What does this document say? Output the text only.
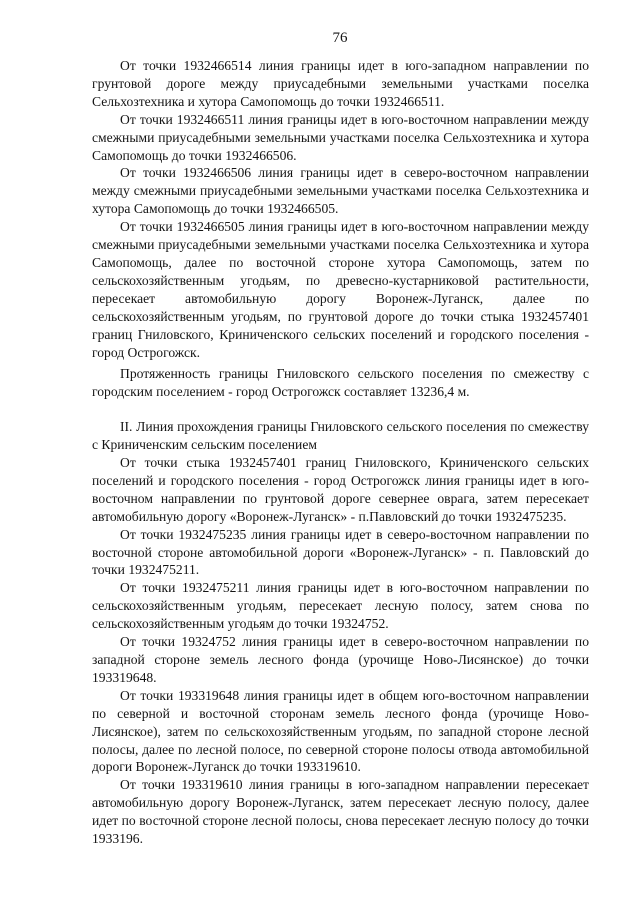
76

От точки 1932466514 линия границы идет в юго-западном направлении по грунтовой дороге между приусадебными земельными участками поселка Сельхозтехника и хутора Самопомощь до точки 1932466511.

От точки 1932466511 линия границы идет в юго-восточном направлении между смежными приусадебными земельными участками поселка Сельхозтехника и хутора Самопомощь до точки 1932466506.

От точки 1932466506 линия границы идет в северо-восточном направлении между смежными приусадебными земельными участками поселка Сельхозтехника и хутора Самопомощь до точки 1932466505.

От точки 1932466505 линия границы идет в юго-восточном направлении между смежными приусадебными земельными участками поселка Сельхозтехника и хутора Самопомощь, далее по восточной стороне хутора Самопомощь, затем по сельскохозяйственным угодьям, по древесно-кустарниковой растительности, пересекает автомобильную дорогу Воронеж-Луганск, далее по сельскохозяйственным угодьям, по грунтовой дороге до точки стыка 1932457401 границ Гниловского, Криниченского сельских поселений и городского поселения - город Острогожск.

Протяженность границы Гниловского сельского поселения по смежеству с городским поселением - город Острогожск составляет 13236,4 м.

II. Линия прохождения границы Гниловского сельского поселения по смежеству с Криниченским сельским поселением

От точки стыка 1932457401 границ Гниловского, Криниченского сельских поселений и городского поселения - город Острогожск линия границы идет в юго-восточном направлении по грунтовой дороге севернее оврага, затем пересекает автомобильную дорогу «Воронеж-Луганск» - п.Павловский до точки 1932475235.

От точки 1932475235 линия границы идет в северо-восточном направлении по восточной стороне автомобильной дороги «Воронеж-Луганск» - п. Павловский до точки 1932475211.

От точки 1932475211 линия границы идет в юго-восточном направлении по сельскохозяйственным угодьям, пересекает лесную полосу, затем снова по сельскохозяйственным угодьям до точки 19324752.

От точки 19324752 линия границы идет в северо-восточном направлении по западной стороне земель лесного фонда (урочище Ново-Лисянское) до точки 193319648.

От точки 193319648 линия границы идет в общем юго-восточном направлении по северной и восточной сторонам земель лесного фонда (урочище Ново-Лисянское), затем по сельскохозяйственным угодьям, по западной стороне лесной полосы, далее по лесной полосе, по северной стороне полосы отвода автомобильной дороги Воронеж-Луганск до точки 193319610.

От точки 193319610 линия границы в юго-западном направлении пересекает автомобильную дорогу Воронеж-Луганск, затем пересекает лесную полосу, далее идет по восточной стороне лесной полосы, снова пересекает лесную полосу до точки 1933196.
